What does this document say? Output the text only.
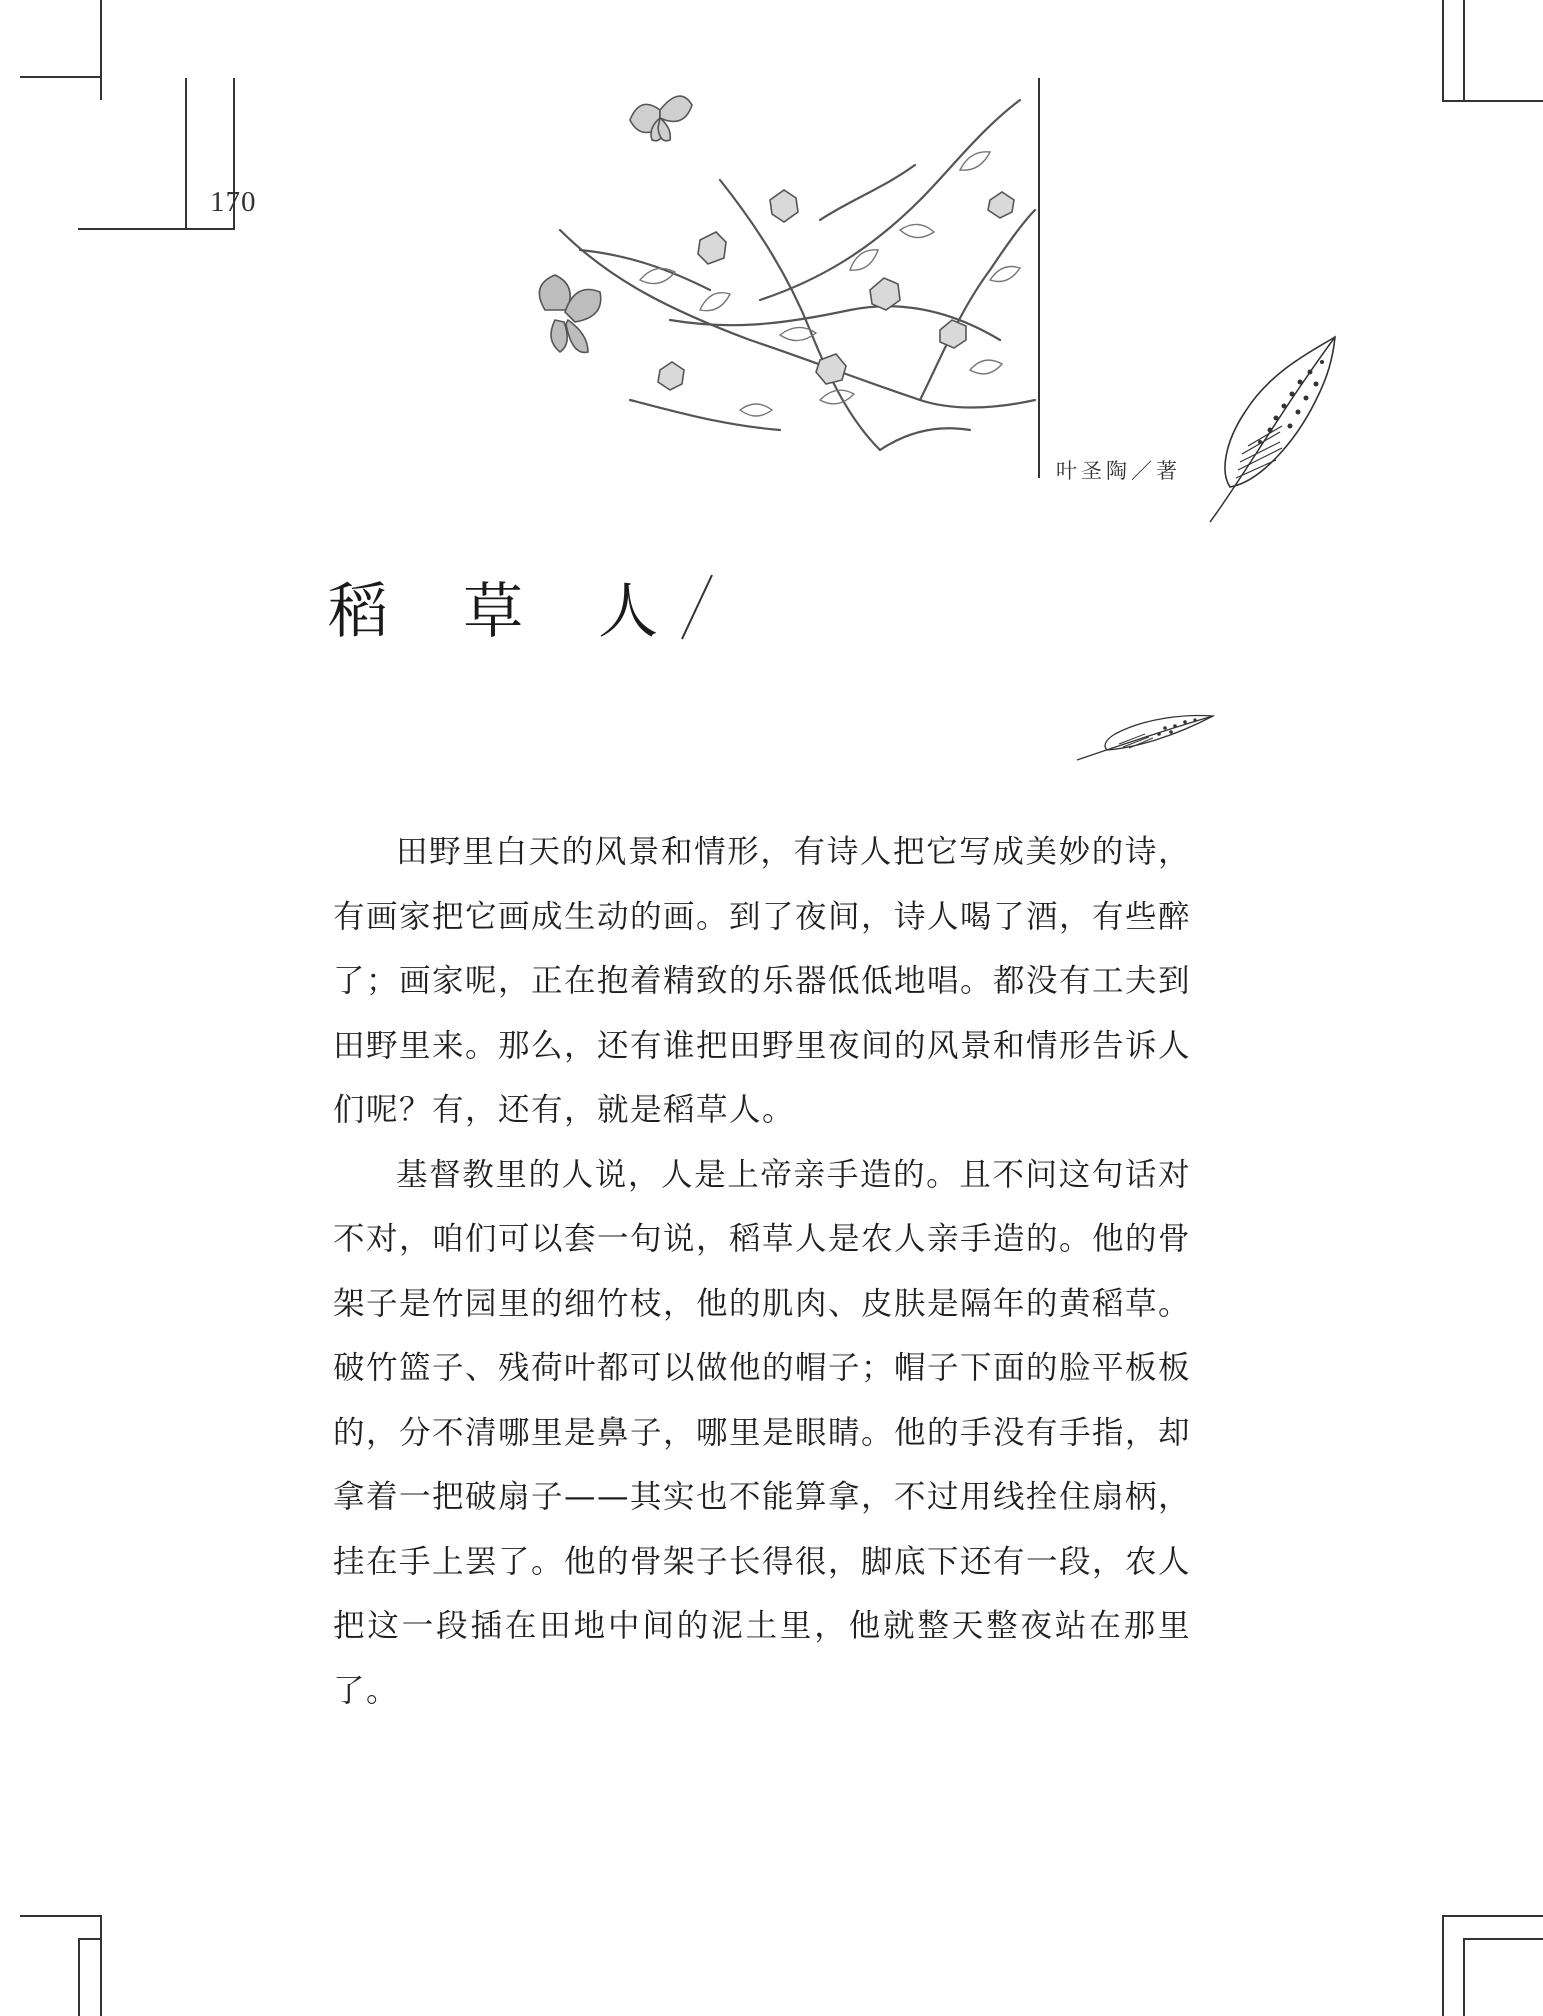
170
叶圣陶／著
稻 草 人

田野里白天的风景和情形，有诗人把它写成美妙的诗，有画家把它画成生动的画。到了夜间，诗人喝了酒，有些醉了；画家呢，正在抱着精致的乐器低低地唱。都没有工夫到田野里来。那么，还有谁把田野里夜间的风景和情形告诉人们呢？有，还有，就是稻草人。

基督教里的人说，人是上帝亲手造的。且不问这句话对不对，咱们可以套一句说，稻草人是农人亲手造的。他的骨架子是竹园里的细竹枝，他的肌肉、皮肤是隔年的黄稻草。破竹篮子、残荷叶都可以做他的帽子；帽子下面的脸平板板的，分不清哪里是鼻子，哪里是眼睛。他的手没有手指，却拿着一把破扇子——其实也不能算拿，不过用线拴住扇柄，挂在手上罢了。他的骨架子长得很，脚底下还有一段，农人把这一段插在田地中间的泥土里，他就整天整夜站在那里了。
